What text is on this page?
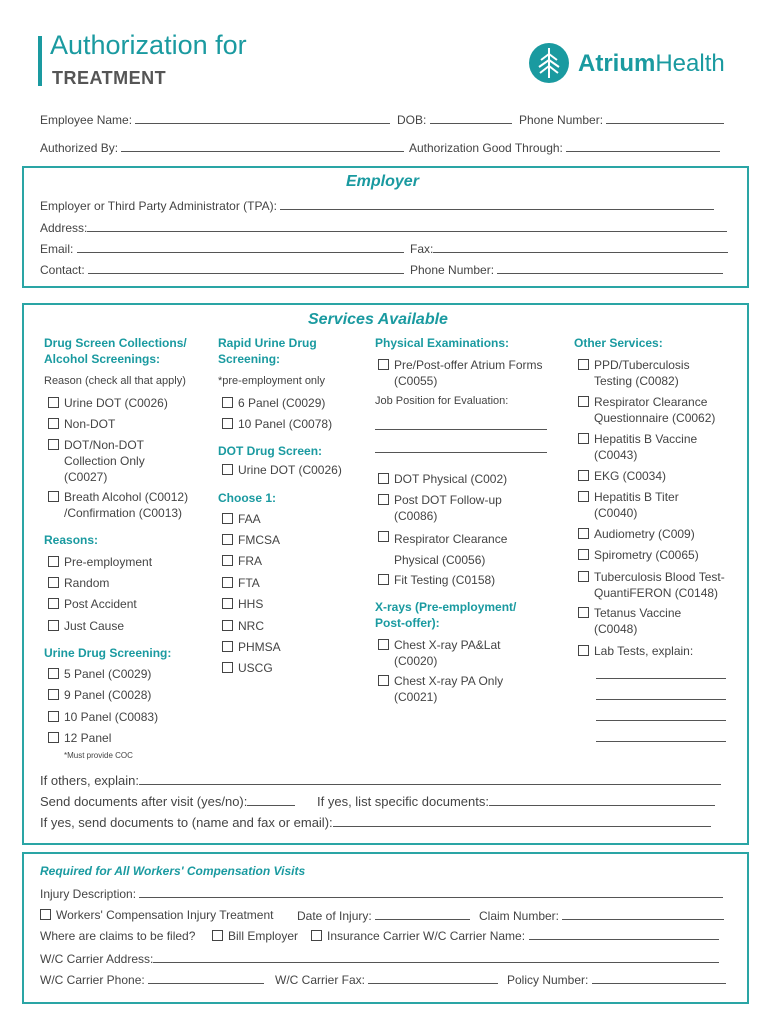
Authorization for
TREATMENT
AtriumHealth
Employee Name:	DOB:	Phone Number:
Authorized By:	Authorization Good Through:
Employer
Employer or Third Party Administrator (TPA):
Address:
Email:	Fax:
Contact:	Phone Number:
Services Available
Drug Screen Collections/ Alcohol Screenings:
Reason (check all that apply)
Urine DOT (C0026)
Non-DOT
DOT/Non-DOT Collection Only (C0027)
Breath Alcohol (C0012) /Confirmation (C0013)
Reasons:
Pre-employment
Random
Post Accident
Just Cause
Urine Drug Screening:
5 Panel (C0029)
9 Panel (C0028)
10 Panel (C0083)
12 Panel
*Must provide COC
Rapid Urine Drug Screening:
*pre-employment only
6 Panel (C0029)
10 Panel (C0078)
DOT Drug Screen:
Urine DOT (C0026)
Choose 1:
FAA
FMCSA
FRA
FTA
HHS
NRC
PHMSA
USCG
Physical Examinations:
Pre/Post-offer Atrium Forms (C0055)
Job Position for Evaluation:
DOT Physical (C002)
Post DOT Follow-up (C0086)
Respirator Clearance Physical (C0056)
Fit Testing (C0158)
X-rays (Pre-employment/ Post-offer):
Chest X-ray PA&Lat (C0020)
Chest X-ray PA Only (C0021)
Other Services:
PPD/Tuberculosis Testing (C0082)
Respirator Clearance Questionnaire (C0062)
Hepatitis B Vaccine (C0043)
EKG (C0034)
Hepatitis B Titer (C0040)
Audiometry (C009)
Spirometry (C0065)
Tuberculosis Blood Test-QuantiFERON (C0148)
Tetanus Vaccine (C0048)
Lab Tests, explain:
If others, explain:
Send documents after visit (yes/no):	If yes, list specific documents:
If yes, send documents to (name and fax or email):
Required for All Workers' Compensation Visits
Injury Description:
Workers' Compensation Injury Treatment Date of Injury:	Claim Number:
Where are claims to be filed?	Bill Employer	Insurance Carrier W/C Carrier Name:
W/C Carrier Address:
W/C Carrier Phone:	W/C Carrier Fax:	Policy Number:
